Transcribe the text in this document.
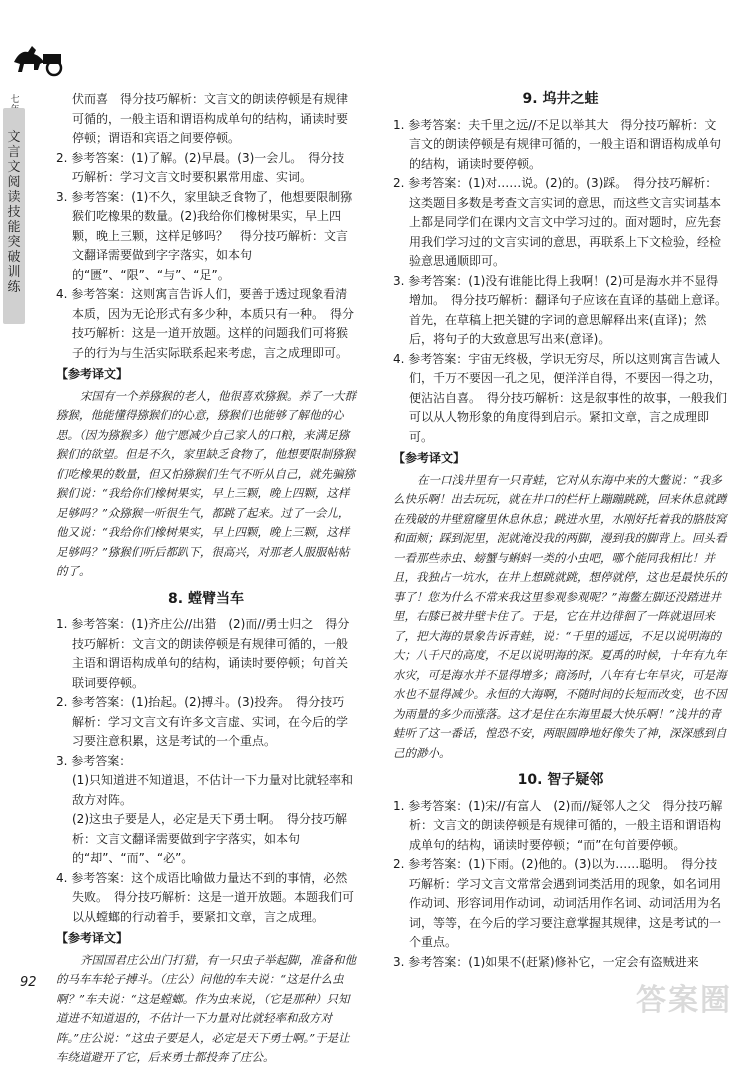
七
文
言
文
阅
读
技
能
突
破
训
练

伏而喜　得分技巧解析：文言文的朗读停顿是有规律可循的，一般主语和谓语构成单句的结构，诵读时要停顿；谓语和宾语之间要停顿。

2. 参考答案：(1)了解。(2)早晨。(3)一会儿。　得分技巧解析：学习文言文时要积累常用虚、实词。

3. 参考答案：(1)不久，家里缺乏食物了，他想要限制猕猴们吃橡果的数量。(2)我给你们橡树果实，早上四颗，晚上三颗，这样足够吗？　得分技巧解析：文言文翻译需要做到字字落实，如本句的“匮”、“限”、“与”、“足”。

4. 参考答案：这则寓言告诉人们，要善于透过现象看清本质，因为无论形式有多少种，本质只有一种。　得分技巧解析：这是一道开放题。这样的问题我们可将猴子的行为与生活实际联系起来考虑，言之成理即可。

【参考译文】

宋国有一个养猕猴的老人，他很喜欢猕猴。养了一大群猕猴，他能懂得猕猴们的心意，猕猴们也能够了解他的心思。（因为猕猴多）他宁愿减少自己家人的口粮，来满足猕猴们的欲望。但是不久，家里缺乏食物了，他想要限制猕猴们吃橡果的数量，但又怕猕猴们生气不听从自己，就先骗猕猴们说：“我给你们橡树果实，早上三颗，晚上四颗，这样足够吗？”众猕猴一听很生气，都跳了起来。过了一会儿，他又说：“我给你们橡树果实，早上四颗，晚上三颗，这样足够吗？”猕猴们听后都趴下，很高兴，对那老人服服帖帖的了。

8. 螳臂当车

1. 参考答案：(1)齐庄公//出猎　(2)而//勇士归之　得分技巧解析：文言文的朗读停顿是有规律可循的，一般主语和谓语构成单句的结构，诵读时要停顿；句首关联词要停顿。

2. 参考答案：(1)抬起。(2)搏斗。(3)投奔。　得分技巧解析：学习文言文有许多文言虚、实词，在今后的学习要注意积累，这是考试的一个重点。

3. 参考答案：

(1)只知道进不知道退，不估计一下力量对比就轻率和敌方对阵。

(2)这虫子要是人，必定是天下勇士啊。　得分技巧解析：文言文翻译需要做到字字落实，如本句的“却”、“而”、“必”。

4. 参考答案：这个成语比喻做力量达不到的事情，必然失败。　得分技巧解析：这是一道开放题。本题我们可以从螳螂的行动着手，要紧扣文章，言之成理。

【参考译文】

齐国国君庄公出门打猎，有一只虫子举起脚，准备和他的马车车轮子搏斗。（庄公）问他的车夫说：“这是什么虫啊？”车夫说：“这是螳螂。作为虫来说，（它是那种）只知道进不知道退的，不估计一下力量对比就轻率和敌方对阵。”庄公说：“这虫子要是人，必定是天下勇士啊。”于是让车绕道避开了它，后来勇士都投奔了庄公。

9. 坞井之蛙

1. 参考答案：夫千里之远//不足以举其大　得分技巧解析：文言文的朗读停顿是有规律可循的，一般主语和谓语构成单句的结构，诵读时要停顿。

2. 参考答案：(1)对……说。(2)的。(3)踩。　得分技巧解析：这类题目多数是考查文言实词的意思，而这些文言实词基本上都是同学们在课内文言文中学习过的。面对题时，应先套用我们学习过的文言实词的意思，再联系上下文检验，经检验意思通顺即可。

3. 参考答案：(1)没有谁能比得上我啊！(2)可是海水并不显得增加。　得分技巧解析：翻译句子应该在直译的基础上意译。首先，在草稿上把关键的字词的意思解释出来(直译)；然后，将句子的大致意思写出来(意译)。

4. 参考答案：宇宙无终极，学识无穷尽，所以这则寓言告诫人们，千万不要因一孔之见，便洋洋自得，不要因一得之功，便沾沾自喜。　得分技巧解析：这是叙事性的故事，一般我们可以从人物形象的角度得到启示。紧扣文章，言之成理即可。

【参考译文】

在一口浅井里有一只青蛙，它对从东海中来的大鳖说：“我多么快乐啊！出去玩玩，就在井口的栏杆上蹦蹦跳跳，回来休息就蹲在残破的井壁窟窿里休息休息；跳进水里，水刚好托着我的胳肢窝和面颊；踩到泥里，泥就淹没我的两脚，漫到我的脚背上。回头看一看那些赤虫、螃蟹与蝌蚪一类的小虫吧，哪个能同我相比！并且，我独占一坑水，在井上想跳就跳，想停就停，这也是最快乐的事了！您为什么不常来我这里参观参观呢？”海鳖左脚还没踏进井里，右膝已被井壁卡住了。于是，它在井边徘徊了一阵就退回来了，把大海的景象告诉青蛙，说：“千里的遥远，不足以说明海的大；八千尺的高度，不足以说明海的深。夏禹的时候，十年有九年水灾，可是海水并不显得增多；商汤时，八年有七年旱灾，可是海水也不显得减少。永恒的大海啊，不随时间的长短而改变，也不因为雨量的多少而涨落。这才是住在东海里最大快乐啊！”浅井的青蛙听了这一番话，惶恐不安，两眼圆睁地好像失了神，深深感到自己的渺小。

10. 智子疑邻

1. 参考答案：(1)宋//有富人　(2)而//疑邻人之父　得分技巧解析：文言文的朗读停顿是有规律可循的，一般主语和谓语构成单句的结构，诵读时要停顿；“而”在句首要停顿。

2. 参考答案：(1)下雨。(2)他的。(3)以为……聪明。　得分技巧解析：学习文言文常常会遇到词类活用的现象，如名词用作动词、形容词用作动词，动词活用作名词、动词活用为名词，等等，在今后的学习要注意掌握其规律，这是考试的一个重点。

3. 参考答案：(1)如果不(赶紧)修补它，一定会有盗贼进来

92
答案圈
